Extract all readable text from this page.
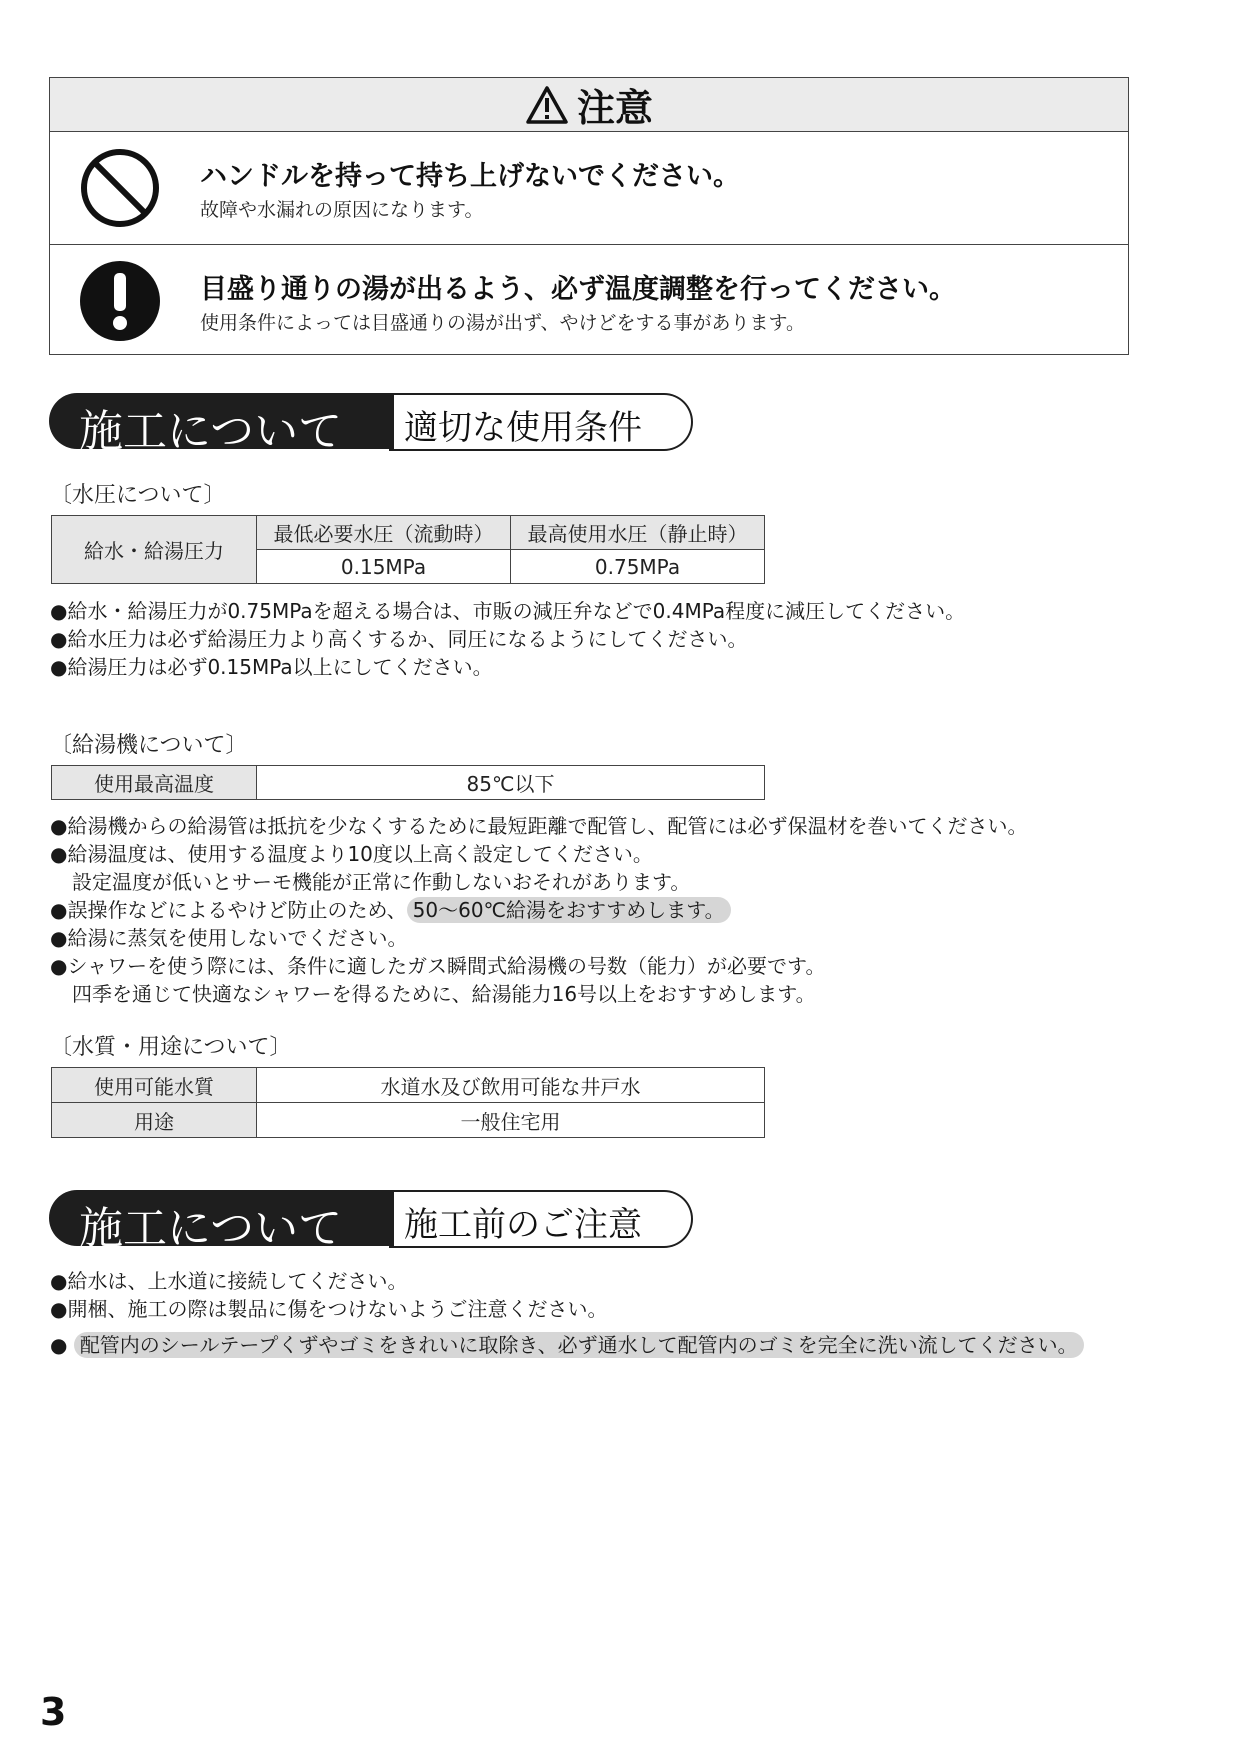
注意
ハンドルを持って持ち上げないでください。
故障や水漏れの原因になります。
目盛り通りの湯が出るよう、必ず温度調整を行ってください。
使用条件によっては目盛通りの湯が出ず、やけどをする事があります。
施工について 適切な使用条件
〔水圧について〕
給水・給湯圧力	最低必要水圧（流動時）	最高使用水圧（静止時）
	0.15MPa	0.75MPa
●給水・給湯圧力が0.75MPaを超える場合は、市販の減圧弁などで0.4MPa程度に減圧してください。
●給水圧力は必ず給湯圧力より高くするか、同圧になるようにしてください。
●給湯圧力は必ず0.15MPa以上にしてください。
〔給湯機について〕
使用最高温度	85℃以下
●給湯機からの給湯管は抵抗を少なくするために最短距離で配管し、配管には必ず保温材を巻いてください。
●給湯温度は、使用する温度より10度以上高く設定してください。
設定温度が低いとサーモ機能が正常に作動しないおそれがあります。
●誤操作などによるやけど防止のため、 50～60℃給湯をおすすめします。
●給湯に蒸気を使用しないでください。
●シャワーを使う際には、条件に適したガス瞬間式給湯機の号数（能力）が必要です。
四季を通じて快適なシャワーを得るために、給湯能力16号以上をおすすめします。
〔水質・用途について〕
使用可能水質	水道水及び飲用可能な井戸水
用途	一般住宅用
施工について 施工前のご注意
●給水は、上水道に接続してください。
●開梱、施工の際は製品に傷をつけないようご注意ください。
● 配管内のシールテープくずやゴミをきれいに取除き、必ず通水して配管内のゴミを完全に洗い流してください。
3
